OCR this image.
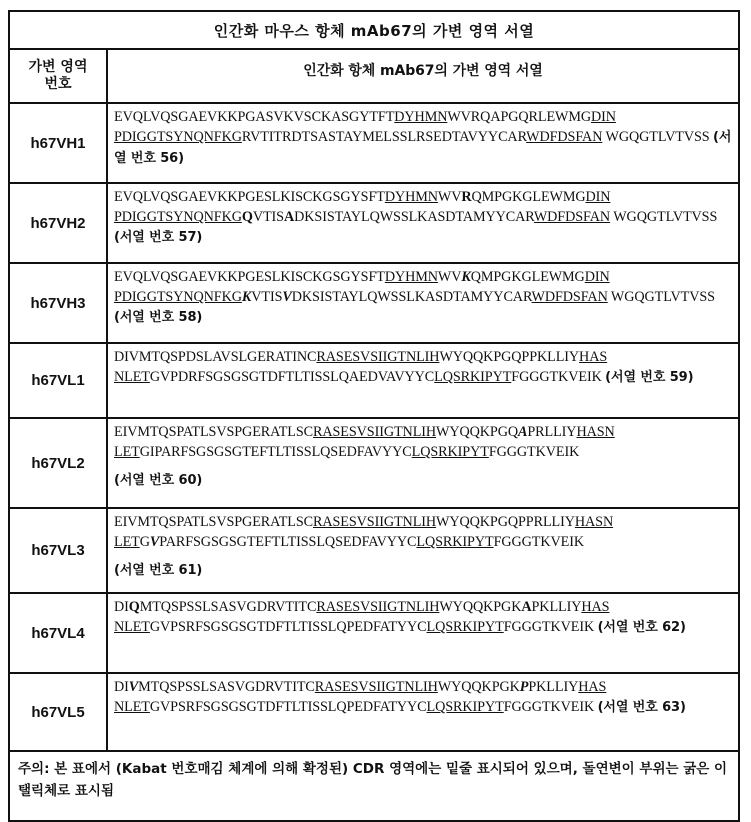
인간화 마우스 항체 mAb67의 가변 영역 서열
가변 영역
번호
인간화 항체 mAb67의 가변 영역 서열
h67VH1
EVQLVQSGAEVKKPGASVKVSCKASGYTFTDYHMNWVRQAPGQRLEWMGDIN PDIGGTSYNQNFKGRVTITRDTSASTAYMELSSLRSEDTAVYYCARWDFDSFAN WGQGTLVTVSS (서열 번호 56)
h67VH2
EVQLVQSGAEVKKPGESLKISCKGSGYSFTDYHMNWVRQMPGKGLEWMGDIN PDIGGTSYNQNFKGQVTISADKSISTAYLQWSSLKASDTAMYYCARWDFDSFAN WGQGTLVTVSS (서열 번호 57)
h67VH3
EVQLVQSGAEVKKPGESLKISCKGSGYSFTDYHMNWVKQMPGKGLEWMGDIN PDIGGTSYNQNFKGKVTISVDKSISTAYLQWSSLKASDTAMYYCARWDFDSFAN WGQGTLVTVSS (서열 번호 58)
h67VL1
DIVMTQSPDSLAVSLGERATINCRASESVSIIGTNLIHWYQQKPGQPPKLLIYHAS NLETGVPDRFSGSGSGTDFTLTISSLQAEDVAVYYCLQSRKIPYTFGGGTKVEIK (서열 번호 59)
h67VL2
EIVMTQSPATLSVSPGERATLSCRASESVSIIGTNLIHWYQQKPGQAPRLLIYHASN LETGIPARFSGSGSGTEFTLTISSLQSEDFAVYYCLQSRKIPYTFGGGTKVEIK

(서열 번호 60)
h67VL3
EIVMTQSPATLSVSPGERATLSCRASESVSIIGTNLIHWYQQKPGQPPRLLIYHASN LETGVPARFSGSGSGTEFTLTISSLQSEDFAVYYCLQSRKIPYTFGGGTKVEIK

(서열 번호 61)
h67VL4
DIQMTQSPSSLSASVGDRVTITCRASESVSIIGTNLIHWYQQKPGKAPKLLIYHAS NLETGVPSRFSGSGSGTDFTLTISSLQPEDFATYYCLQSRKIPYTFGGGTKVEIK (서열 번호 62)
h67VL5
DIVMTQSPSSLSASVGDRVTITCRASESVSIIGTNLIHWYQQKPGKPPKLLIYHAS NLETGVPSRFSGSGSGTDFTLTISSLQPEDFATYYCLQSRKIPYTFGGGTKVEIK (서열 번호 63)
주의: 본 표에서 (Kabat 번호매김 체계에 의해 확정된) CDR 영역에는 밑줄 표시되어 있으며, 돌연변이 부위는 굵은 이탤릭체로 표시됨
